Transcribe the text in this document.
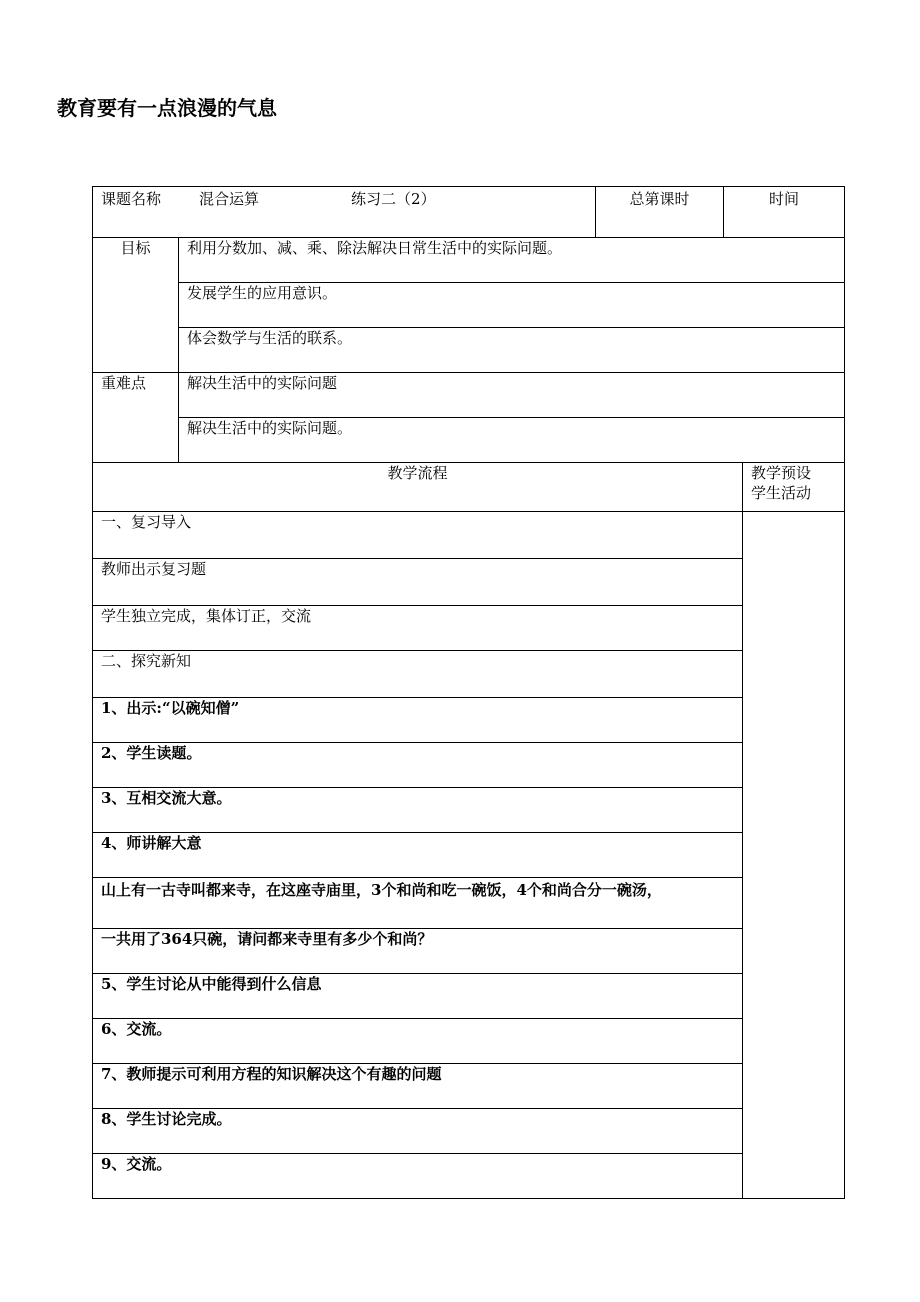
教育要有一点浪漫的气息
课题名称 混合运算 练习二（2）		总第课时	时间	
目标	利用分数加、减、乘、除法解决日常生活中的实际问题。			
	发展学生的应用意识。			
	体会数学与生活的联系。			
重难点	解决生活中的实际问题			
	解决生活中的实际问题。			
教学流程				教学预设
学生活动

一、复习导入				
教师出示复习题				
学生独立完成，集体订正，交流				
二、探究新知				
1、出示:“以碗知僧”				
2、学生读题。				
3、互相交流大意。				
4、师讲解大意				
山上有一古寺叫都来寺，在这座寺庙里，3个和尚和吃一碗饭，4个和尚合分一碗汤，				
一共用了364只碗，请问都来寺里有多少个和尚？				
5、学生讨论从中能得到什么信息				
6、交流。				
7、教师提示可利用方程的知识解决这个有趣的问题				
8、学生讨论完成。				
9、交流。				
